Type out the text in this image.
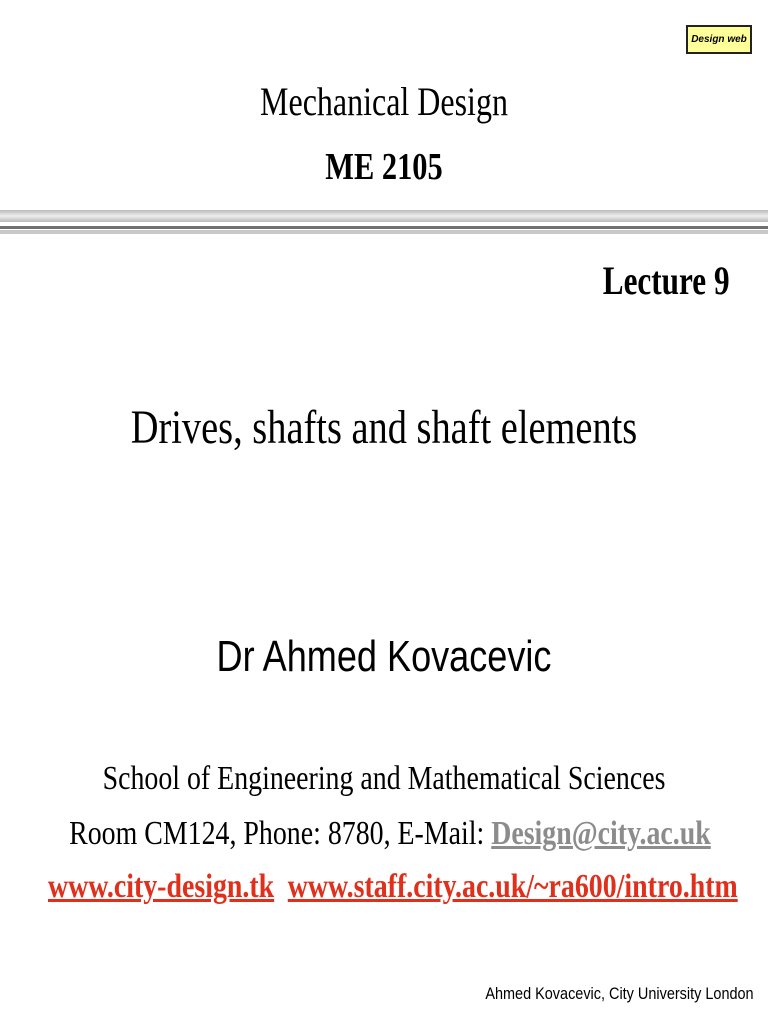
Design web
Mechanical Design
ME 2105
Lecture 9
Drives, shafts and shaft elements
Dr Ahmed Kovacevic
School of Engineering and Mathematical Sciences
Room CM124, Phone: 8780, E-Mail: Design@city.ac.uk
www.city-design.tk www.staff.city.ac.uk/~ra600/intro.htm
Ahmed Kovacevic, City University London
